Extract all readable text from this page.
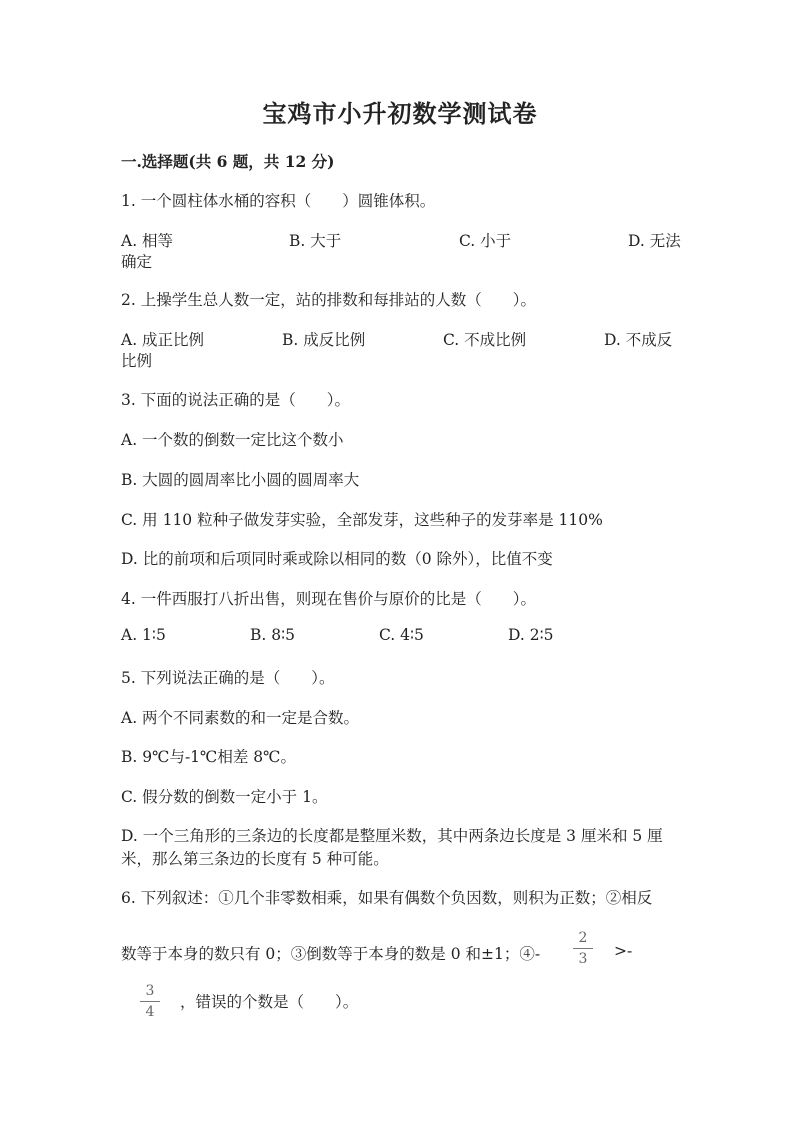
宝鸡市小升初数学测试卷
一.选择题(共 6 题，共 12 分)
1. 一个圆柱体水桶的容积（　　）圆锥体积。
A. 相等	B. 大于	C. 小于	D. 无法
确定
2. 上操学生总人数一定，站的排数和每排站的人数（　　）。
A. 成正比例	B. 成反比例	C. 不成比例	D. 不成反
比例
3. 下面的说法正确的是（　　）。
A. 一个数的倒数一定比这个数小
B. 大圆的圆周率比小圆的圆周率大
C. 用 110 粒种子做发芽实验，全部发芽，这些种子的发芽率是 110%
D. 比的前项和后项同时乘或除以相同的数（0 除外），比值不变
4. 一件西服打八折出售，则现在售价与原价的比是（　　）。
A. 1∶5	B. 8∶5	C. 4∶5	D. 2∶5
5. 下列说法正确的是（　　）。
A. 两个不同素数的和一定是合数。
B. 9℃与-1℃相差 8℃。
C. 假分数的倒数一定小于 1。
D. 一个三角形的三条边的长度都是整厘米数，其中两条边长度是 3 厘米和 5 厘
米，那么第三条边的长度有 5 种可能。
6. 下列叙述：①几个非零数相乘，如果有偶数个负因数，则积为正数；②相反
数等于本身的数只有 0；③倒数等于本身的数是 0 和±1；④-
2
3	>-
3
4
，错误的个数是（　　）。
